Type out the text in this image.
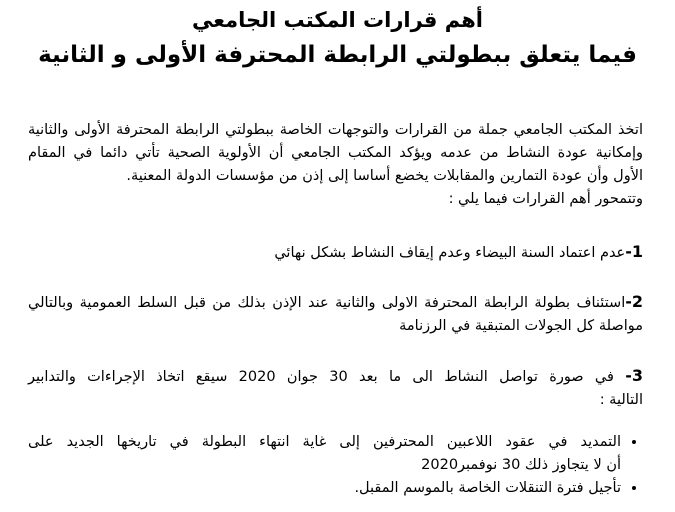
أهم قرارات المكتب الجامعي
فيما يتعلق ببطولتي الرابطة المحترفة الأولى و الثانية
اتخذ المكتب الجامعي جملة من القرارات والتوجهات الخاصة ببطولتي الرابطة المحترفة الأولى والثانية
وإمكانية عودة النشاط من عدمه ويؤكد المكتب الجامعي أن الأولوية الصحية تأتي دائما في المقام
الأول وأن عودة التمارين والمقابلات يخضع أساسا إلى إذن من مؤسسات الدولة المعنية.
وتتمحور أهم القرارات فيما يلي :
1-عدم اعتماد السنة البيضاء وعدم إيقاف النشاط بشكل نهائي
2-استئناف بطولة الرابطة المحترفة الاولى والثانية عند الإذن بذلك من قبل السلط العمومية وبالتالي
مواصلة كل الجولات المتبقية في الرزنامة
3- في صورة تواصل النشاط الى ما بعد 30 جوان 2020 سيقع اتخاذ الإجراءات والتدابير
التالية :
• التمديد في عقود اللاعبين المحترفين إلى غاية انتهاء البطولة في تاريخها الجديد على
أن لا يتجاوز ذلك 30 نوفمبر2020
• تأجيل فترة التنقلات الخاصة بالموسم المقبل.
